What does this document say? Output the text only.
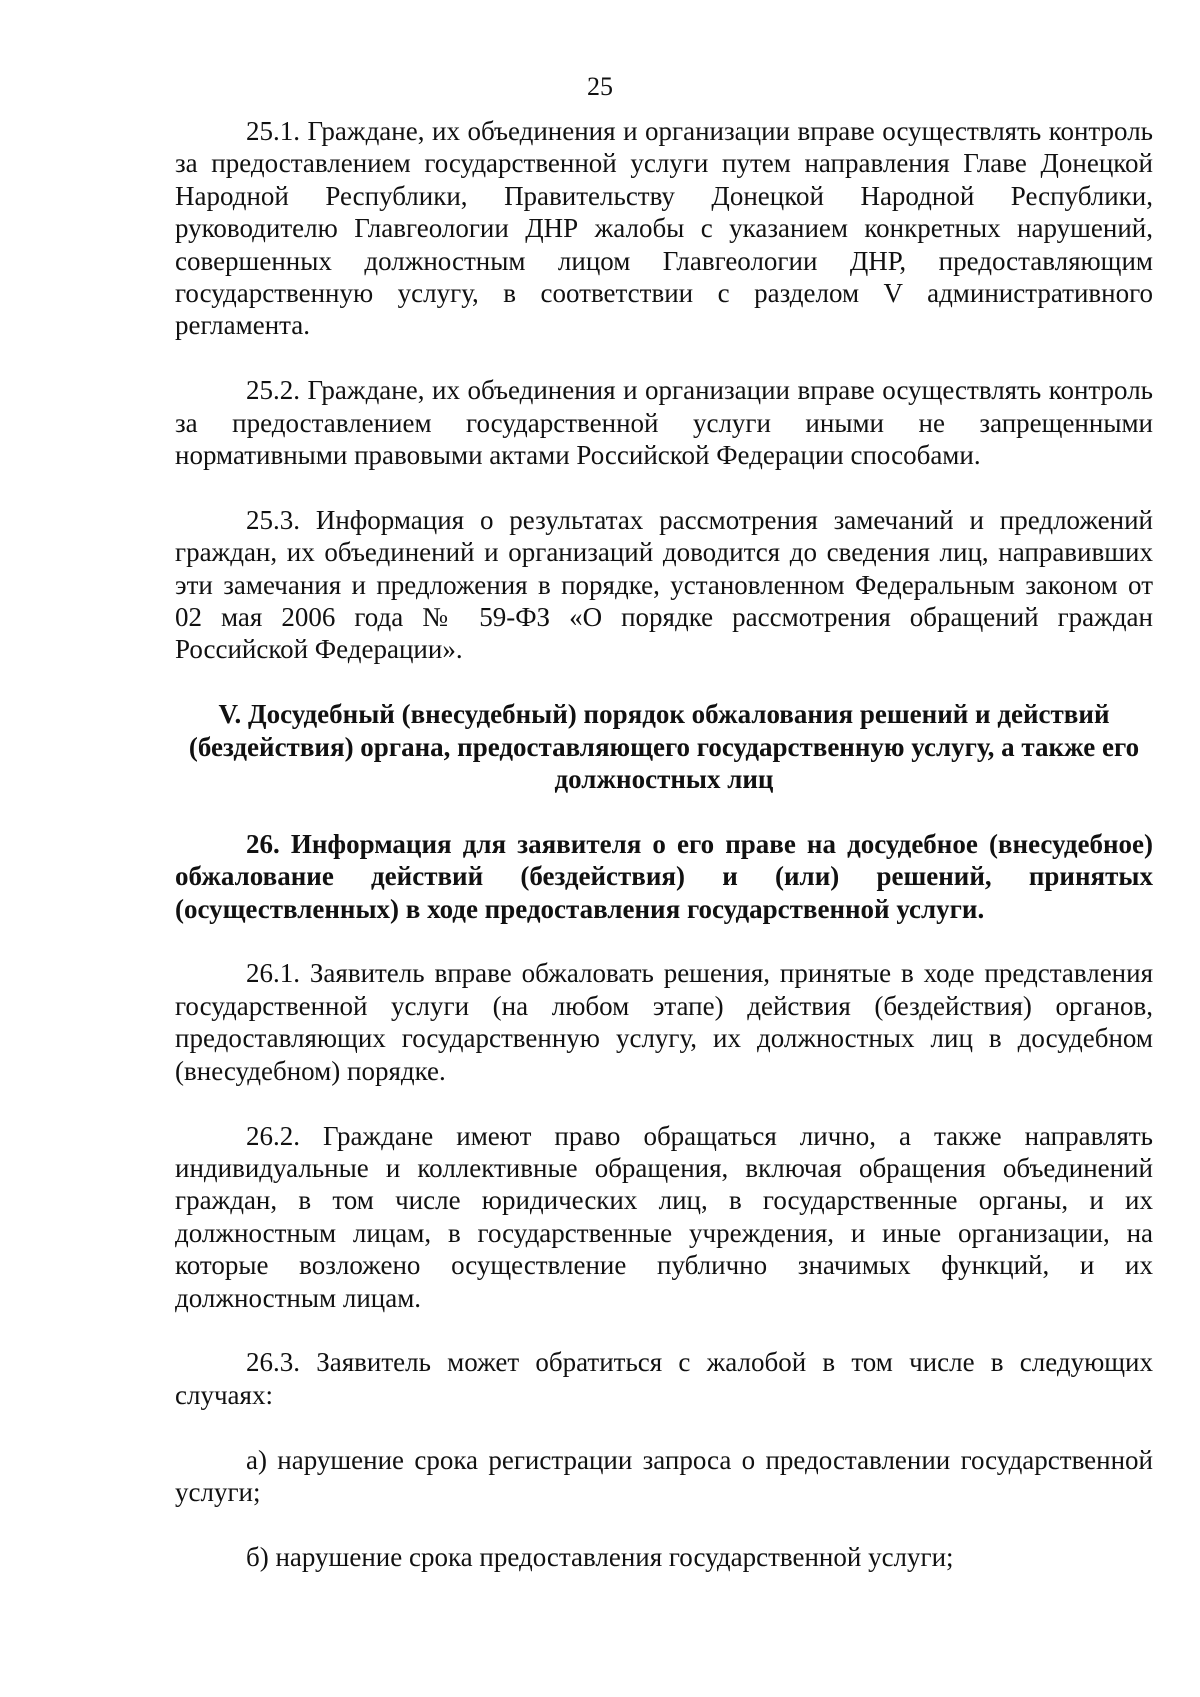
25

25.1. Граждане, их объединения и организации вправе осуществлять контроль за предоставлением государственной услуги путем направления Главе Донецкой Народной Республики, Правительству Донецкой Народной Республики, руководителю Главгеологии ДНР жалобы с указанием конкретных нарушений, совершенных должностным лицом Главгеологии ДНР, предоставляющим государственную услугу, в соответствии с разделом V административного регламента.

25.2. Граждане, их объединения и организации вправе осуществлять контроль за предоставлением государственной услуги иными не запрещенными нормативными правовыми актами Российской Федерации способами.

25.3. Информация о результатах рассмотрения замечаний и предложений граждан, их объединений и организаций доводится до сведения лиц, направивших эти замечания и предложения в порядке, установленном Федеральным законом от 02 мая 2006 года № 59-ФЗ «О порядке рассмотрения обращений граждан Российской Федерации».

V. Досудебный (внесудебный) порядок обжалования решений и действий (бездействия) органа, предоставляющего государственную услугу, а также его должностных лиц

26. Информация для заявителя о его праве на досудебное (внесудебное) обжалование действий (бездействия) и (или) решений, принятых (осуществленных) в ходе предоставления государственной услуги.

26.1. Заявитель вправе обжаловать решения, принятые в ходе представления государственной услуги (на любом этапе) действия (бездействия) органов, предоставляющих государственную услугу, их должностных лиц в досудебном (внесудебном) порядке.

26.2. Граждане имеют право обращаться лично, а также направлять индивидуальные и коллективные обращения, включая обращения объединений граждан, в том числе юридических лиц, в государственные органы, и их должностным лицам, в государственные учреждения, и иные организации, на которые возложено осуществление публично значимых функций, и их должностным лицам.

26.3. Заявитель может обратиться с жалобой в том числе в следующих случаях:

а) нарушение срока регистрации запроса о предоставлении государственной услуги;

б) нарушение срока предоставления государственной услуги;
